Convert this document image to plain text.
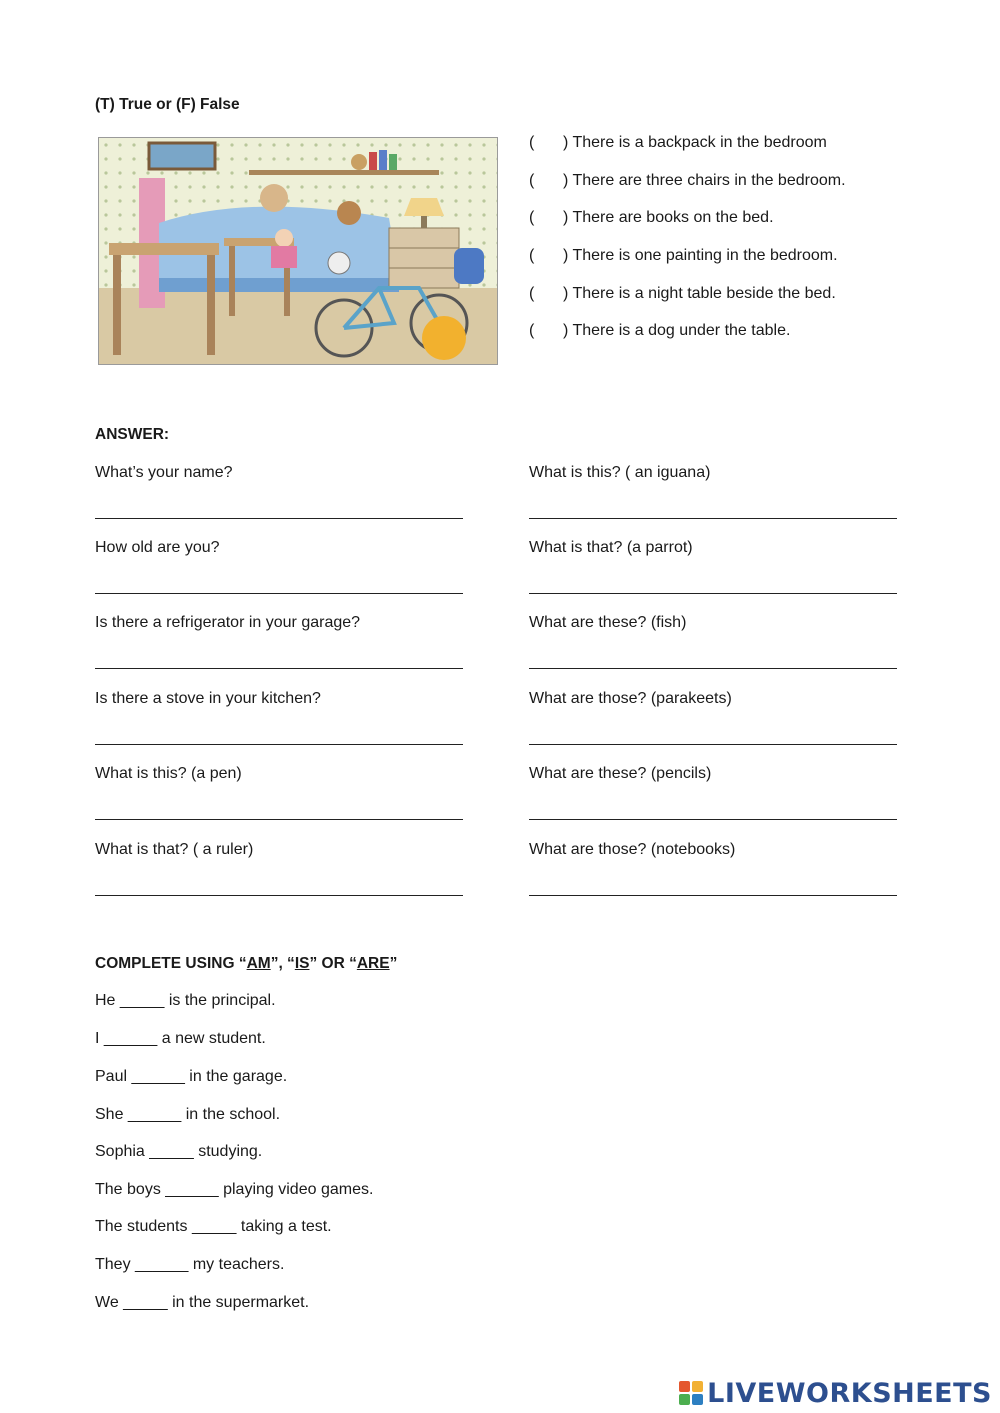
(T) True or (F) False
( ) There is a backpack in the bedroom
( ) There are three chairs in the bedroom.
( ) There are books on the bed.
( ) There is one painting in the bedroom.
( ) There is a night table beside the bed.
( ) There is a dog under the table.
ANSWER:
What’s your name?	What is this? ( an iguana)
How old are you?	What is that? (a parrot)
Is there a refrigerator in your garage?	What are these? (fish)
Is there a stove in your kitchen?	What are those? (parakeets)
What is this? (a pen)	What are these? (pencils)
What is that? ( a ruler)	What are those? (notebooks)
COMPLETE USING “AM”, “IS” OR “ARE”
He _____ is the principal.
I ______ a new student.
Paul ______ in the garage.
She ______ in the school.
Sophia _____ studying.
The boys ______ playing video games.
The students _____ taking a test.
They ______ my teachers.
We _____ in the supermarket.
LIVEWORKSHEETS
